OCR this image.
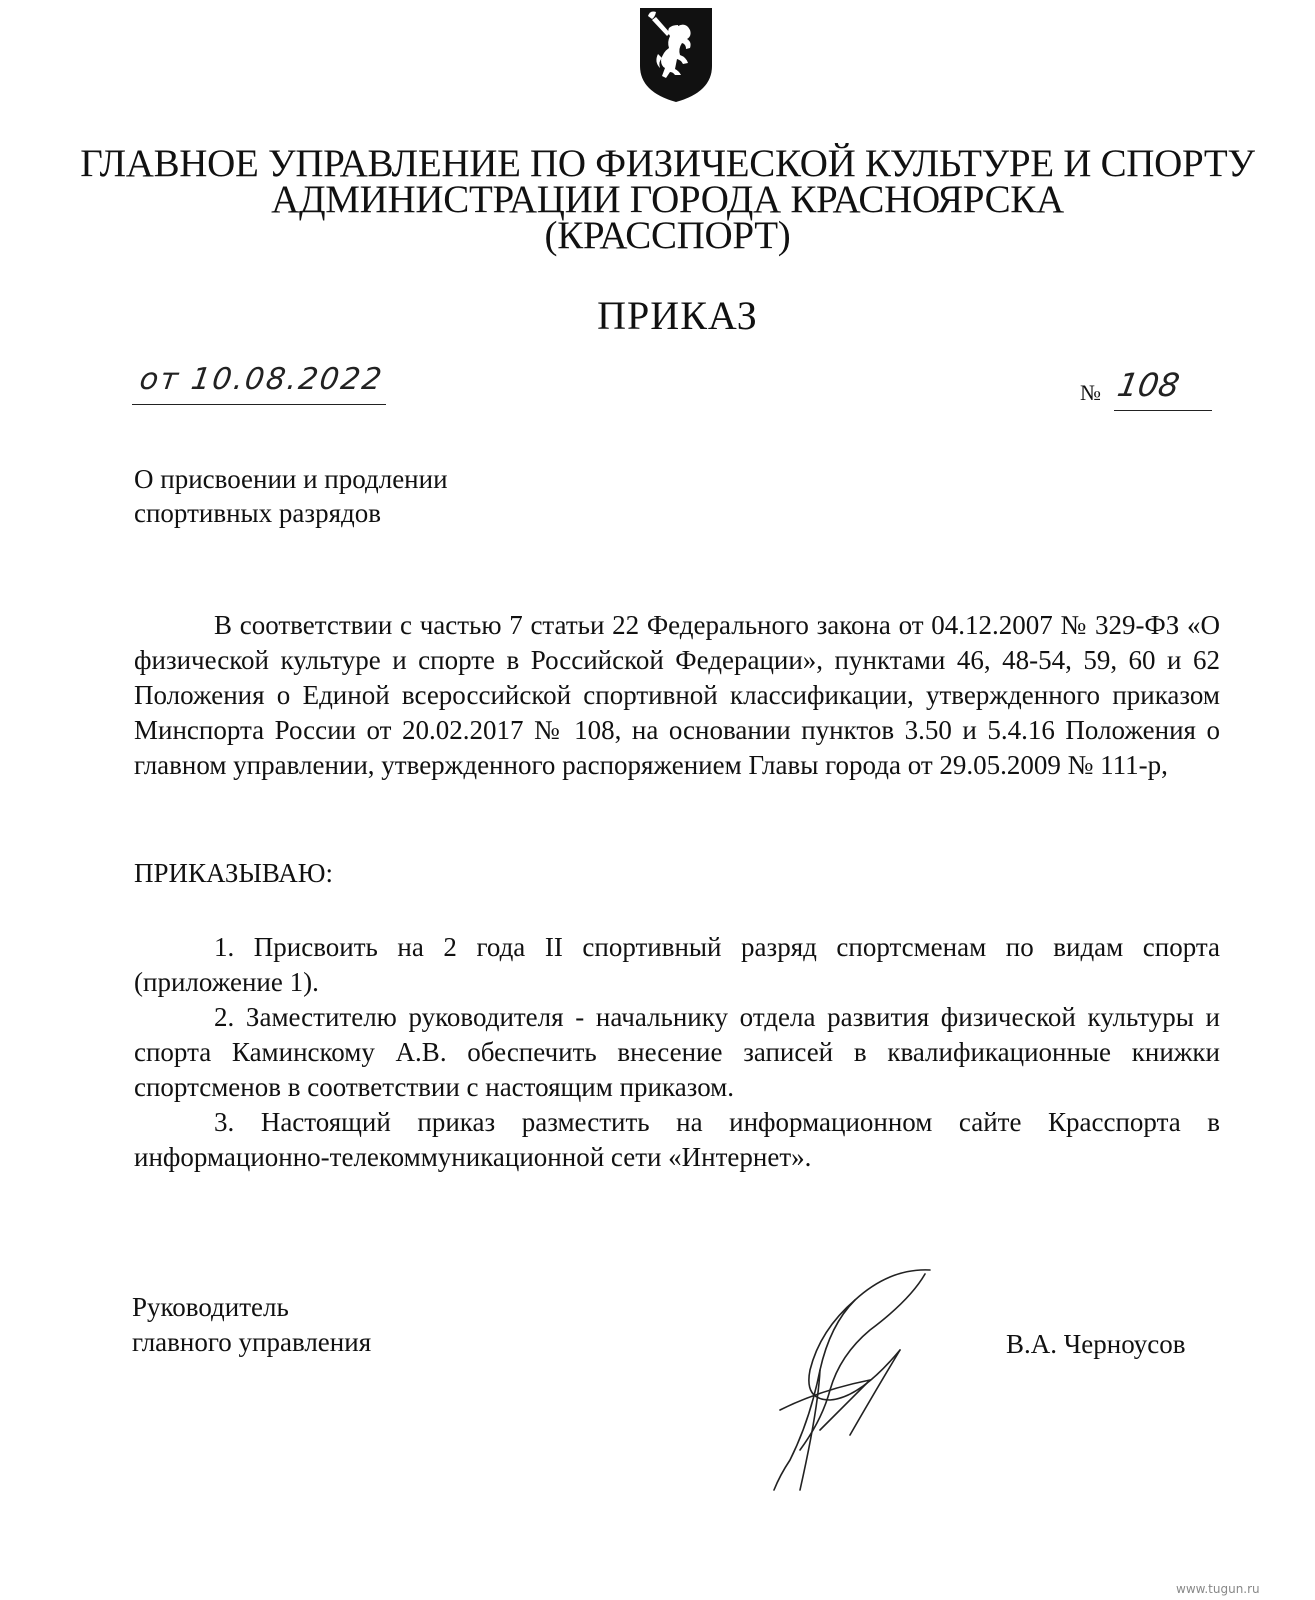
ГЛАВНОЕ УПРАВЛЕНИЕ ПО ФИЗИЧЕСКОЙ КУЛЬТУРЕ И СПОРТУ
АДМИНИСТРАЦИИ ГОРОДА КРАСНОЯРСКА
(КРАССПОРТ)
ПРИКАЗ
от 10.08.2022	№ 108
О присвоении и продлении
спортивных разрядов

В соответствии с частью 7 статьи 22 Федерального закона от 04.12.2007 № 329-ФЗ «О физической культуре и спорте в Российской Федерации», пунктами 46, 48-54, 59, 60 и 62 Положения о Единой всероссийской спортивной классификации, утвержденного приказом Минспорта России от 20.02.2017 № 108, на основании пунктов 3.50 и 5.4.16 Положения о главном управлении, утвержденного распоряжением Главы города от 29.05.2009 № 111-р,

ПРИКАЗЫВАЮ:

1. Присвоить на 2 года II спортивный разряд спортсменам по видам спорта (приложение 1).

2. Заместителю руководителя - начальнику отдела развития физической культуры и спорта Каминскому А.В. обеспечить внесение записей в квалификационные книжки спортсменов в соответствии с настоящим приказом.

3. Настоящий приказ разместить на информационном сайте Красспорта в информационно-телекоммуникационной сети «Интернет».

Руководитель
главного управления	В.А. Черноусов
www.tugun.ru
